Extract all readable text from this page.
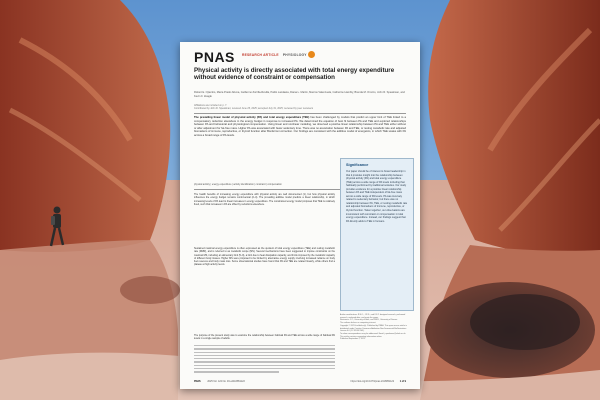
PNAS RESEARCH ARTICLE PHYSIOLOGY
Physical activity is directly associated with total energy expenditure without evidence of constraint or compensation
Robert E. Ojiambo, Maria Prado-Nóvoa, Guillermo Zorrilla-Revilla, Pablo Landaeta, Diana L. Martin, Marcos Valenzuela, Catherine Hambly, Brenda M. Orozco, John R. Speakman, and Kevin F. Zeagle
Affiliations are included on p. 7.
Contributed by John R. Speakman; received June 25, 2025; accepted July 31, 2025; reviewed by peer reviewers
The prevailing linear model of physical activity (PA) and total energy expenditure (TEE) has been challenged by models that predict an upper limit of TEE linked to a compensatory reduction elsewhere in the energy budget in response to increased PA. We determined the equation of best fit between PA and TEE and explored relationships between PA and behavioral and physiological compensation. Using linear and nonlinear modeling, we observed a positive linear relationship between PA and TEE either without or after adjustment for fat-free mass. Higher PA was associated with fewer sedentary time. There was no association between PA and TEE, or resting metabolic rate and adjusted biomarkers of immune, reproductive, or thyroid function after Bonferroni correction. Our findings are consistent with the additive model of energetics, in which TEE scales with PA across a broad range of PA levels.
physical activity | energy expenditure | activity identification | constraint | compensation
The health benefits of increasing energy expenditure with physical activity are well documented (1), but how physical activity influences the energy budget remains controversial (2–4). The prevailing additive model predicts a linear relationship, in which increasing levels of PA lead to linear increases in energy expenditure. The constrained energy model proposes that TEE is relatively fixed, such that increases in PA are offset by reductions elsewhere.
Sustained maximal energy expenditure is often expressed as the quotient of total energy expenditure (TEE) and resting metabolic rate (RMR), and is referred to as metabolic scope (MS). Several mechanisms have been suggested to impose constraints on the maximal MS, including an alimentary limit (5–9), a limit due to heat dissipation capacity, and limits imposed by the metabolic capacity of different body tissues. Higher MS were proposed to be limited by alternative energy supply involving increased reliance on body fuel reserves and body mass loss. Some observational studies have found that PA and TEE are related linearly, while others find a plateau at high activity levels.
The purpose of the present study was to examine the relationship between habitual PA and TEE across a wide range of habitual PA levels in a single sample of adults.
Significance
Our paper should be of interest to broad readership in that it provides insight into the relationship between physical activity (PA) and total energy expenditure (TEE) across a wide range of PA levels including that habitually performed by traditional societies. Our study provides evidence for a positive linear relationship between PA and TEE independent of fat-free mass across a wide range of PA levels. PA was inversely related to sedentary behavior, but there was no relationship between PA, TEE, or resting metabolic rate and adjusted biomarkers of immune, reproductive, or thyroid function. Taken together, our observations are inconsistent with constraint or compensation in total energy expenditure. Instead, our findings suggest that PA directly adds to TEE in humans.
Author contributions: R.E.O., J.R.S., and K.F.Z. designed research; performed research; analyzed data; and wrote the paper.
Reviewers: C.L., University of Bath; and P.A.R., University of Denver.
The authors declare no competing interest.
Copyright © 2025 the Author(s). Published by PNAS. This open access article is distributed under Creative Commons Attribution-NonCommercial-NoDerivatives License 4.0 (CC BY-NC-ND).
To whom correspondence may be addressed. Email: j.speakman@abdn.ac.uk.
This article contains supporting information online.
Published September 2, 2025.
PNAS	2025 Vol. 122 No. 49 e2416851122	https://doi.org/10.1073/pnas.2416851122 1 of 9
